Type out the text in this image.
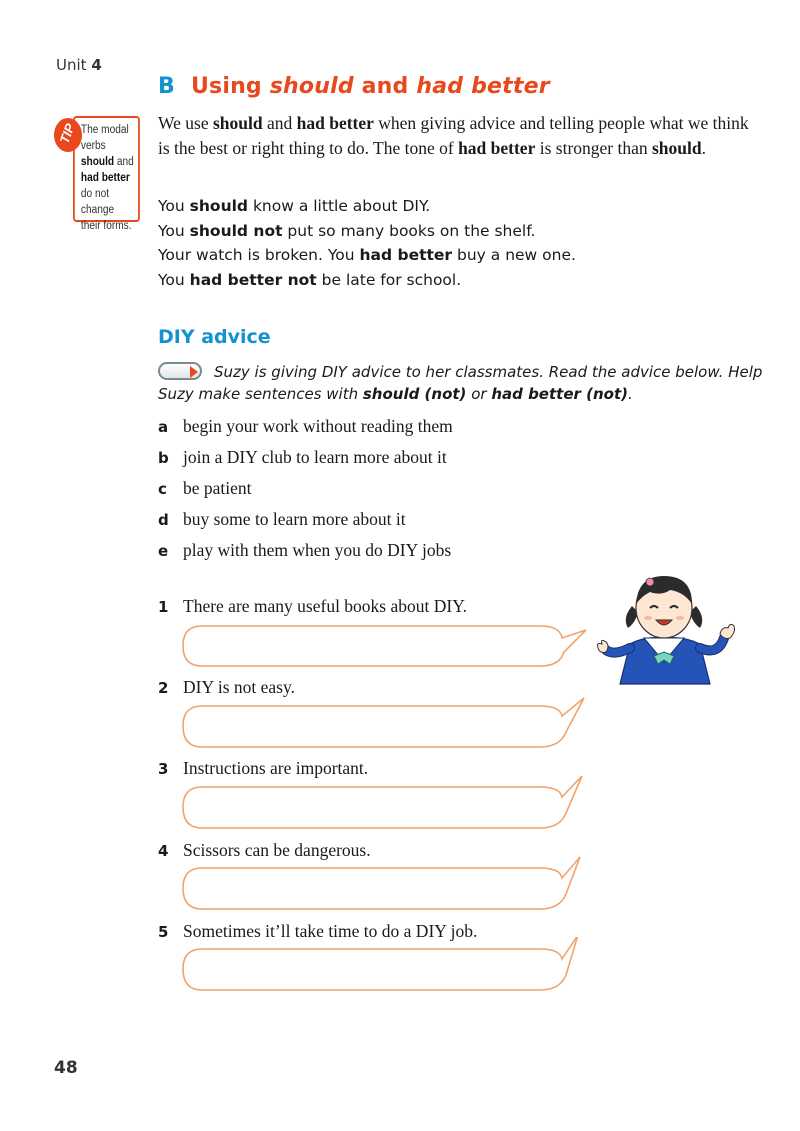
Unit 4
B Using should and had better
TIP The modal verbs should and had better do not change their forms.
We use should and had better when giving advice and telling people what we think is the best or right thing to do. The tone of had better is stronger than should.
You should know a little about DIY.
You should not put so many books on the shelf.
Your watch is broken. You had better buy a new one.
You had better not be late for school.
DIY advice
Suzy is giving DIY advice to her classmates. Read the advice below. Help Suzy make sentences with should (not) or had better (not).
a begin your work without reading them
b join a DIY club to learn more about it
c be patient
d buy some to learn more about it
e play with them when you do DIY jobs
1 There are many useful books about DIY.
2 DIY is not easy.
3 Instructions are important.
4 Scissors can be dangerous.
5 Sometimes it’ll take time to do a DIY job.
48
